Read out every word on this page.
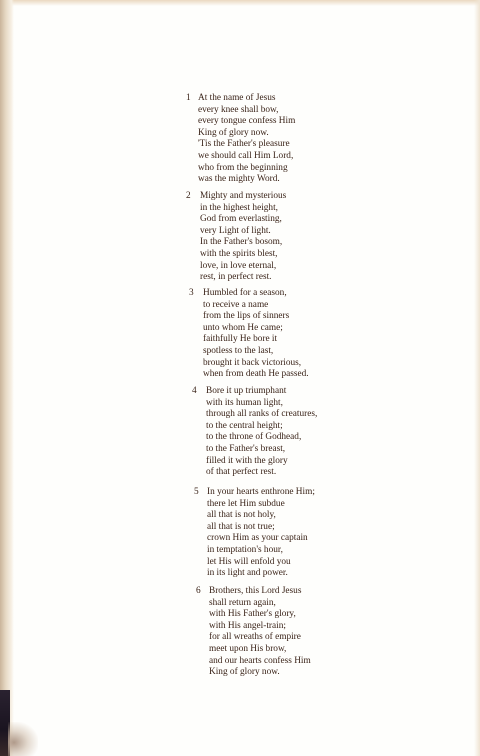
1 At the name of Jesus
every knee shall bow,
every tongue confess Him
King of glory now.
'Tis the Father's pleasure
we should call Him Lord,
who from the beginning
was the mighty Word.
2	Mighty and mysterious
in the highest height,
God from everlasting,
very Light of light.
In the Father's bosom,
with the spirits blest,
love, in love eternal,
rest, in perfect rest.
3	Humbled for a season,
to receive a name
from the lips of sinners
unto whom He came;
faithfully He bore it
spotless to the last,
brought it back victorious,
when from death He passed.
4	Bore it up triumphant
with its human light,
through all ranks of creatures,
to the central height;
to the throne of Godhead,
to the Father's breast,
filled it with the glory
of that perfect rest.
5 In your hearts enthrone Him;
there let Him subdue
all that is not holy,
all that is not true;
crown Him as your captain
in temptation's hour,
let His will enfold you
in its light and power.
6 Brothers, this Lord Jesus
shall return again,
with His Father's glory,
with His angel-train;
for all wreaths of empire
meet upon His brow,
and our hearts confess Him
King of glory now.
